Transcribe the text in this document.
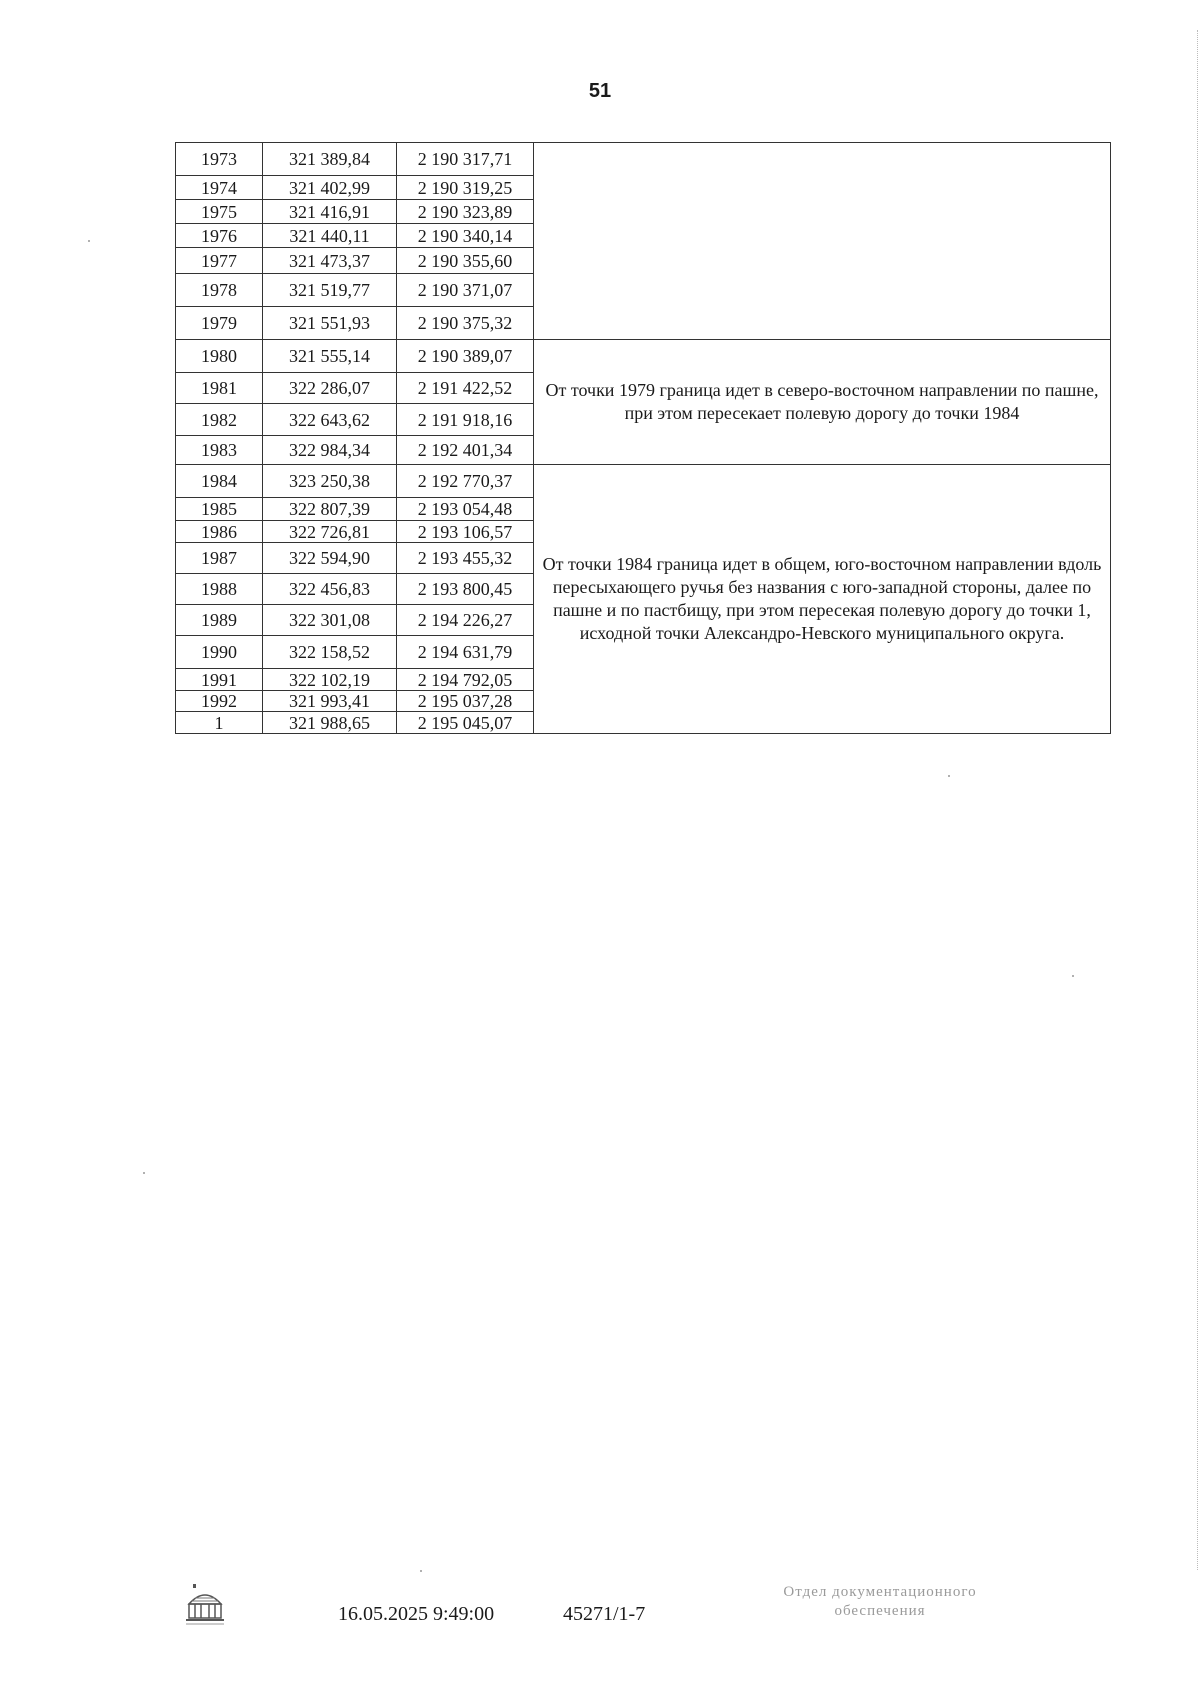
51
1973	321 389,84	2 190 317,71	
1974	321 402,99	2 190 319,25	
1975	321 416,91	2 190 323,89	
1976	321 440,11	2 190 340,14	
1977	321 473,37	2 190 355,60	
1978	321 519,77	2 190 371,07	
1979	321 551,93	2 190 375,32	
1980	321 555,14	2 190 389,07	От точки 1979 граница идет в северо-восточном направлении по пашне, при этом пересекает полевую дорогу до точки 1984
1981	322 286,07	2 191 422,52	
1982	322 643,62	2 191 918,16	
1983	322 984,34	2 192 401,34	
1984	323 250,38	2 192 770,37	От точки 1984 граница идет в общем, юго-восточном направлении вдоль пересыхающего ручья без названия с юго-западной стороны, далее по пашне и по пастбищу, при этом пересекая полевую дорогу до точки 1, исходной точки Александро-Невского муниципального округа.
1985	322 807,39	2 193 054,48	
1986	322 726,81	2 193 106,57	
1987	322 594,90	2 193 455,32	
1988	322 456,83	2 193 800,45	
1989	322 301,08	2 194 226,27	
1990	322 158,52	2 194 631,79	
1991	322 102,19	2 194 792,05	
1992	321 993,41	2 195 037,28	
1	321 988,65	2 195 045,07	
16.05.2025 9:49:00	45271/1-7
Отдел документационного
обеспечения
